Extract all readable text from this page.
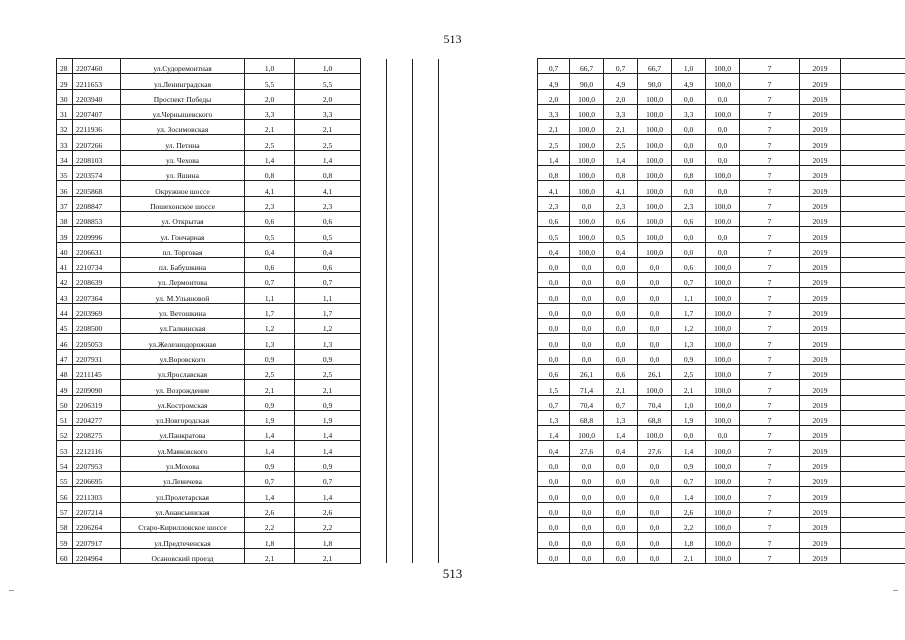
513
28	2207460	ул.Судоремонтная	1,0	1,0					0,7	66,7	0,7	66,7	1,0	100,0	7	2019	
29	2211653	ул.Ленинградская	5,5	5,5					4,9	90,0	4,9	90,0	4,9	100,0	7	2019	
30	2203940	Проспект Победы	2,0	2,0					2,0	100,0	2,0	100,0	0,0	0,0	7	2019	
31	2207407	ул.Чернышевского	3,3	3,3					3,3	100,0	3,3	100,0	3,3	100,0	7	2019	
32	2211936	ул. Зосимовская	2,1	2,1					2,1	100,0	2,1	100,0	0,0	0,0	7	2019	
33	2207266	ул. Петина	2,5	2,5					2,5	100,0	2,5	100,0	0,0	0,0	7	2019	
34	2208103	ул. Чехова	1,4	1,4					1,4	100,0	1,4	100,0	0,0	0,0	7	2019	
35	2203574	ул. Яшина	0,8	0,8					0,8	100,0	0,8	100,0	0,8	100,0	7	2019	
36	2205868	Окружное шоссе	4,1	4,1					4,1	100,0	4,1	100,0	0,0	0,0	7	2019	
37	2208847	Пошехонское шоссе	2,3	2,3					2,3	0,0	2,3	100,0	2,3	100,0	7	2019	
38	2208853	ул. Открытая	0,6	0,6					0,6	100,0	0,6	100,0	0,6	100,0	7	2019	
39	2209996	ул. Гончарная	0,5	0,5					0,5	100,0	0,5	100,0	0,0	0,0	7	2019	
40	2206631	пл. Торговая	0,4	0,4					0,4	100,0	0,4	100,0	0,0	0,0	7	2019	
41	2210734	пл. Бабушкина	0,6	0,6					0,0	0,0	0,0	0,0	0,6	100,0	7	2019	
42	2208639	ул. Лермонтова	0,7	0,7					0,0	0,0	0,0	0,0	0,7	100,0	7	2019	
43	2207364	ул. М.Ульяновой	1,1	1,1					0,0	0,0	0,0	0,0	1,1	100,0	7	2019	
44	2203969	ул. Ветошкина	1,7	1,7					0,0	0,0	0,0	0,0	1,7	100,0	7	2019	
45	2208500	ул.Галкинская	1,2	1,2					0,0	0,0	0,0	0,0	1,2	100,0	7	2019	
46	2205053	ул.Железнодорожная	1,3	1,3					0,0	0,0	0,0	0,0	1,3	100,0	7	2019	
47	2207931	ул.Воровского	0,9	0,9					0,0	0,0	0,0	0,0	0,9	100,0	7	2019	
48	2211145	ул.Ярославская	2,5	2,5					0,6	26,1	0,6	26,1	2,5	100,0	7	2019	
49	2209090	ул. Возрождение	2,1	2,1					1,5	71,4	2,1	100,0	2,1	100,0	7	2019	
50	2206319	ул.Костромская	0,9	0,9					0,7	70,4	0,7	70,4	1,0	100,0	7	2019	
51	2204277	ул.Новгородская	1,9	1,9					1,3	68,8	1,3	68,8	1,9	100,0	7	2019	
52	2208275	ул.Панкратова	1,4	1,4					1,4	100,0	1,4	100,0	0,0	0,0	7	2019	
53	2212116	ул.Маяковского	1,4	1,4					0,4	27,6	0,4	27,6	1,4	100,0	7	2019	
54	2207953	ул.Мохова	0,9	0,9					0,0	0,0	0,0	0,0	0,9	100,0	7	2019	
55	2206695	ул.Левичева	0,7	0,7					0,0	0,0	0,0	0,0	0,7	100,0	7	2019	
56	2211303	ул.Пролетарская	1,4	1,4					0,0	0,0	0,0	0,0	1,4	100,0	7	2019	
57	2207214	ул.Анансьинская	2,6	2,6					0,0	0,0	0,0	0,0	2,6	100,0	7	2019	
58	2206264	Старо-Кирилловское шоссе	2,2	2,2					0,0	0,0	0,0	0,0	2,2	100,0	7	2019	
59	2207917	ул.Предтеченская	1,8	1,8					0,0	0,0	0,0	0,0	1,8	100,0	7	2019	
60	2204964	Осановский проезд	2,1	2,1					0,0	0,0	0,0	0,0	2,1	100,0	7	2019	
513
